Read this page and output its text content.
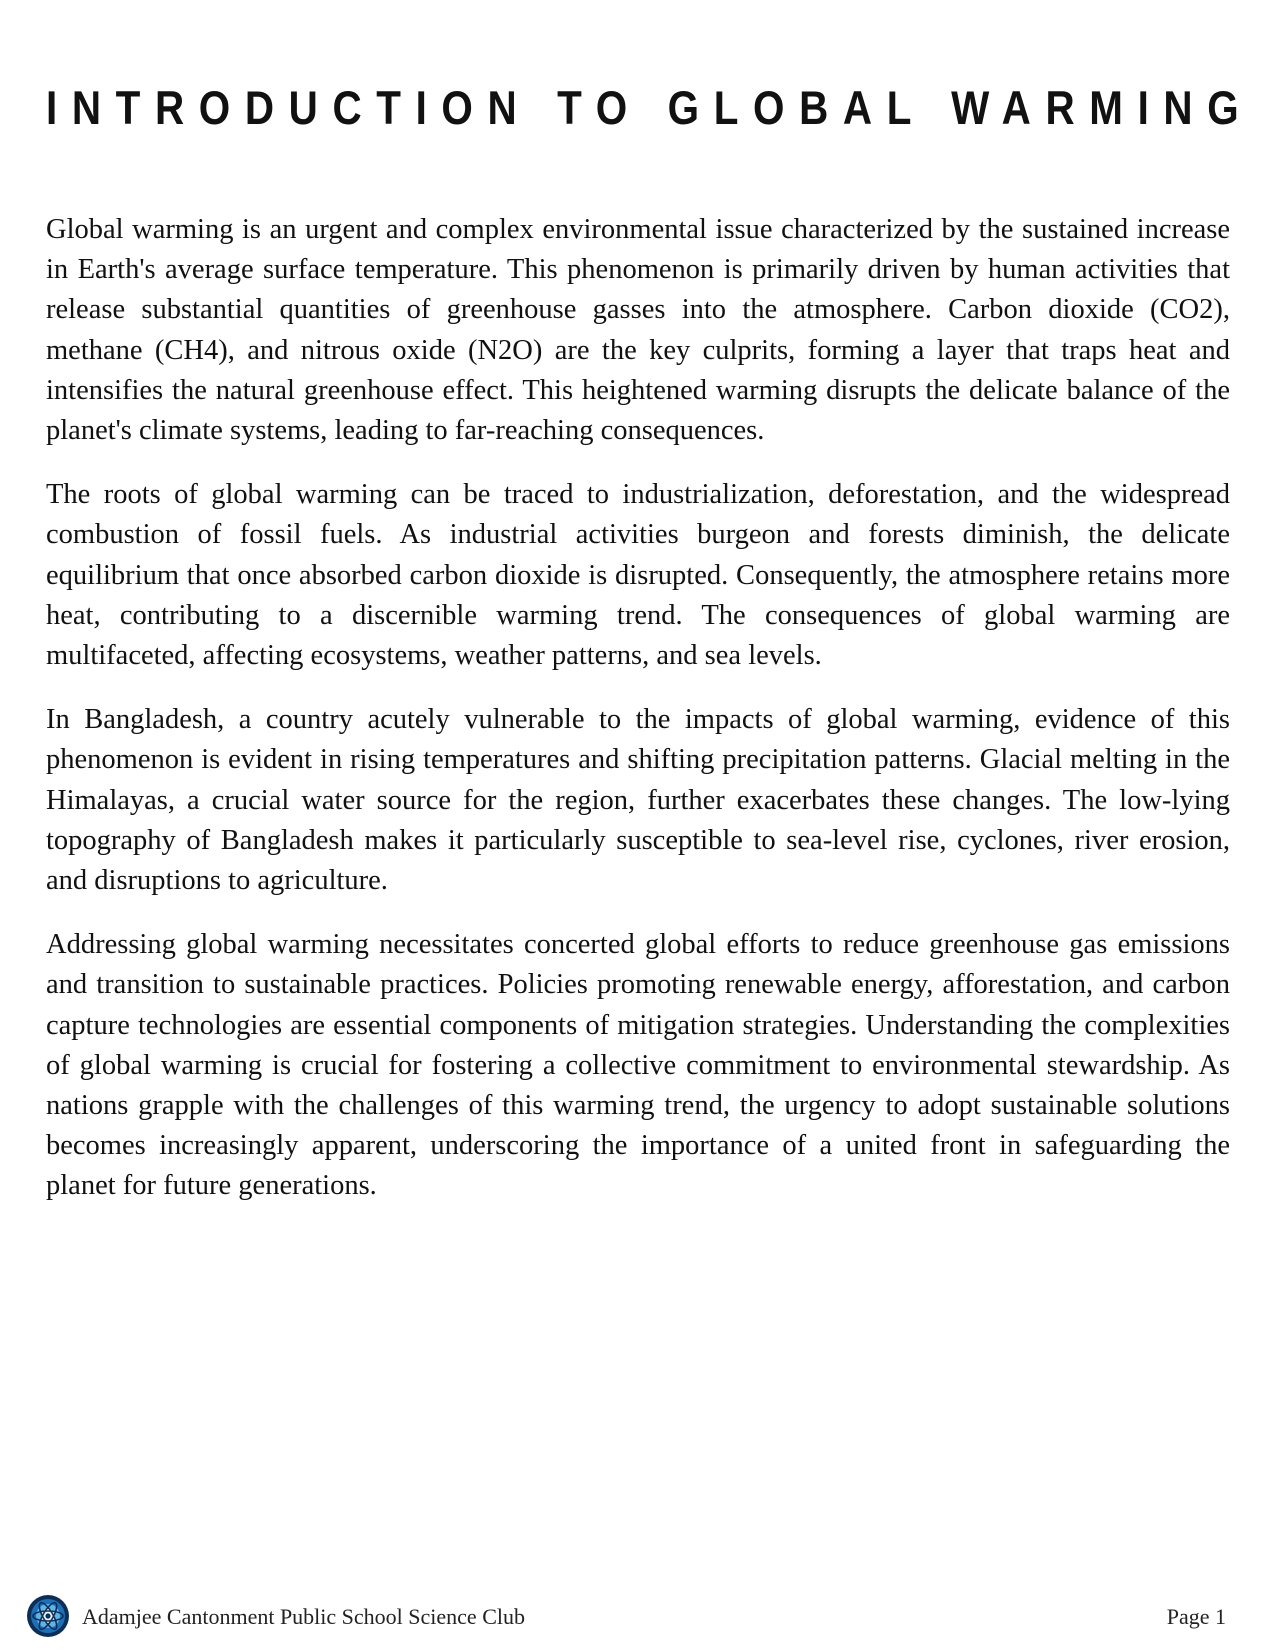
INTRODUCTION TO GLOBAL WARMING

Global warming is an urgent and complex environmental issue characterized by the sustained increase in Earth's average surface temperature. This phenomenon is primarily driven by human activities that release substantial quantities of greenhouse gasses into the atmosphere. Carbon dioxide (CO2), methane (CH4), and nitrous oxide (N2O) are the key culprits, forming a layer that traps heat and intensifies the natural greenhouse effect. This heightened warming disrupts the delicate balance of the planet's climate systems, leading to far-reaching consequences.

The roots of global warming can be traced to industrialization, deforestation, and the widespread combustion of fossil fuels. As industrial activities burgeon and forests diminish, the delicate equilibrium that once absorbed carbon dioxide is disrupted. Consequently, the atmosphere retains more heat, contributing to a discernible warming trend. The consequences of global warming are multifaceted, affecting ecosystems, weather patterns, and sea levels.

In Bangladesh, a country acutely vulnerable to the impacts of global warming, evidence of this phenomenon is evident in rising temperatures and shifting precipitation patterns. Glacial melting in the Himalayas, a crucial water source for the region, further exacerbates these changes. The low-lying topography of Bangladesh makes it particularly susceptible to sea-level rise, cyclones, river erosion, and disruptions to agriculture.

Addressing global warming necessitates concerted global efforts to reduce greenhouse gas emissions and transition to sustainable practices. Policies promoting renewable energy, afforestation, and carbon capture technologies are essential components of mitigation strategies. Understanding the complexities of global warming is crucial for fostering a collective commitment to environmental stewardship. As nations grapple with the challenges of this warming trend, the urgency to adopt sustainable solutions becomes increasingly apparent, underscoring the importance of a united front in safeguarding the planet for future generations.

Adamjee Cantonment Public School Science Club	Page 1
